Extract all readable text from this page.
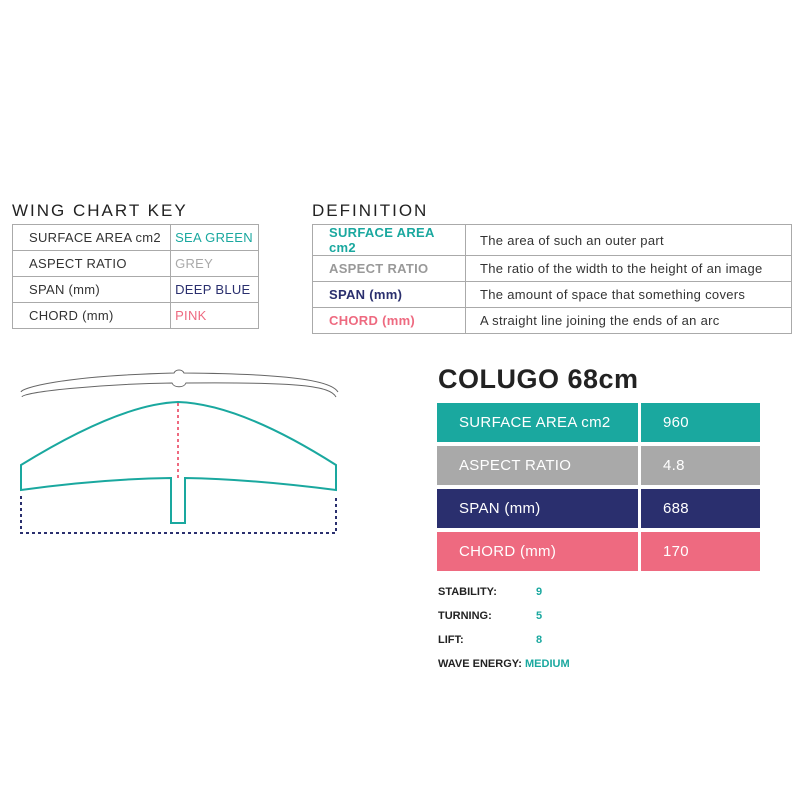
WING CHART KEY
SURFACE AREA cm2	SEA GREEN
ASPECT RATIO	GREY
SPAN (mm)	DEEP BLUE
CHORD (mm)	PINK
DEFINITION
SURFACE AREA cm2	The area of such an outer part
ASPECT RATIO	The ratio of the width to the height of an image
SPAN (mm)	The amount of space that something covers
CHORD (mm)	A straight line joining the ends of an arc
COLUGO 68cm
SURFACE AREA cm2	960
ASPECT RATIO	4.8
SPAN (mm)	688
CHORD (mm)	170
STABILITY:	9
TURNING:	5
LIFT:	8
WAVE ENERGY: MEDIUM
